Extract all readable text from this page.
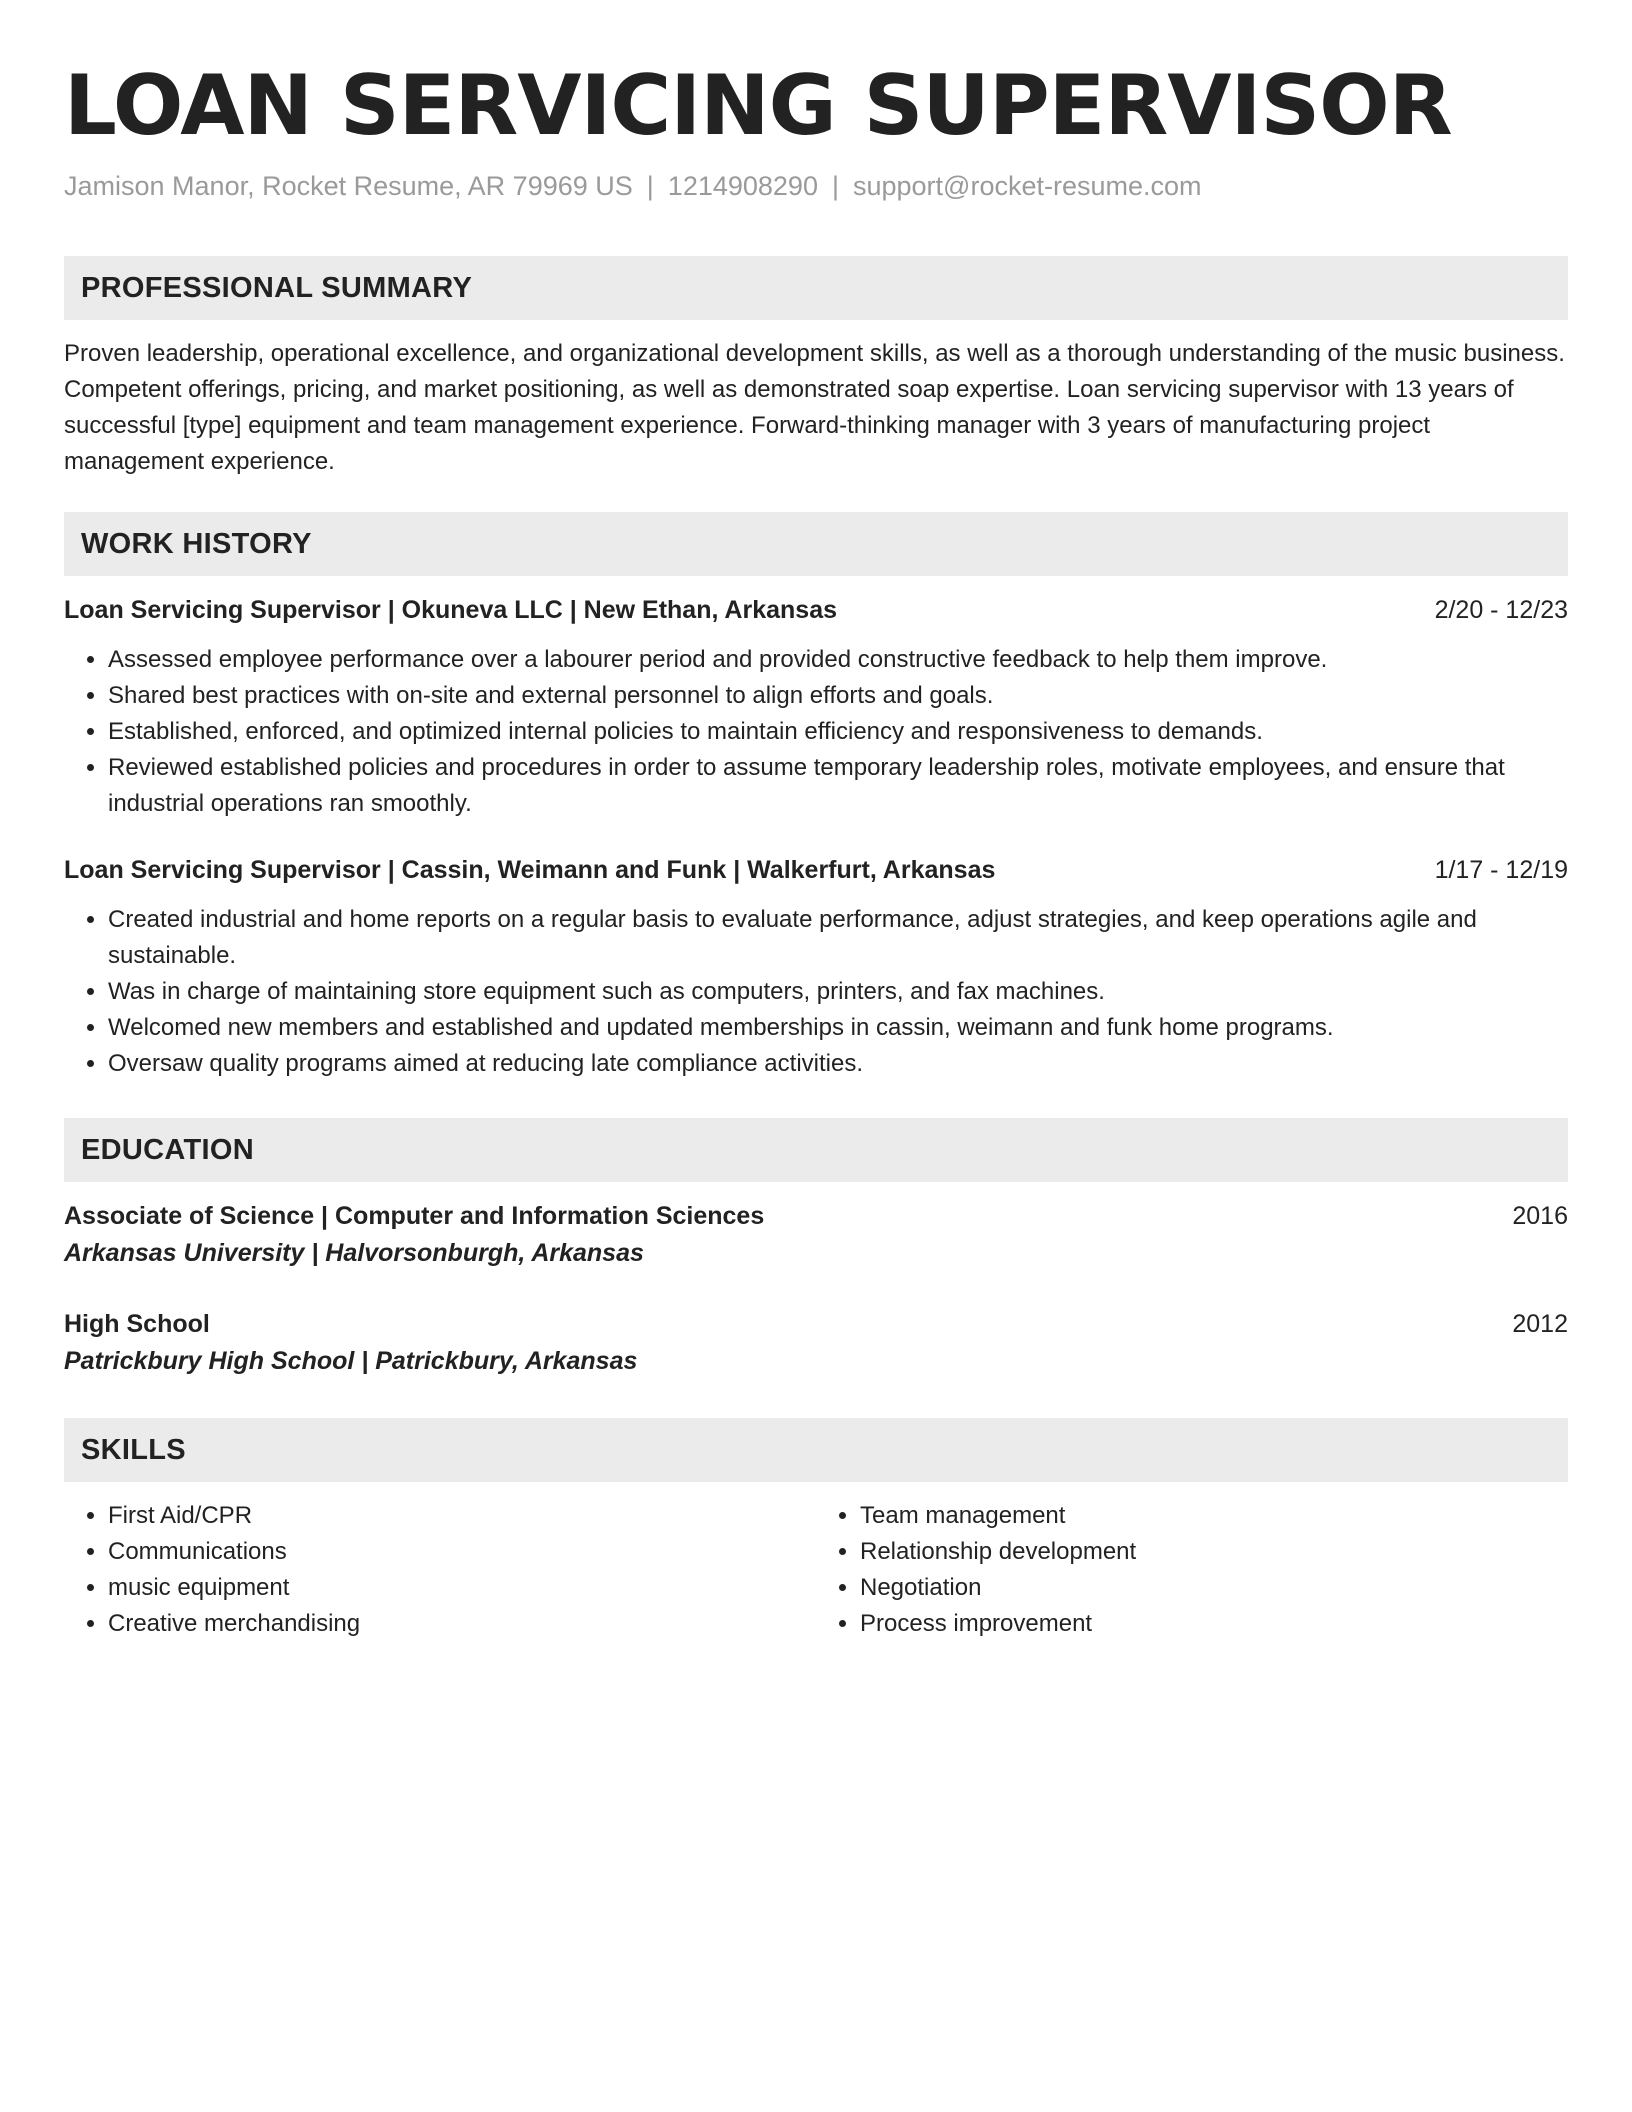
LOAN SERVICING SUPERVISOR
Jamison Manor, Rocket Resume, AR 79969 US | 1214908290 | support@rocket-resume.com
PROFESSIONAL SUMMARY

Proven leadership, operational excellence, and organizational development skills, as well as a thorough understanding of the music business. Competent offerings, pricing, and market positioning, as well as demonstrated soap expertise. Loan servicing supervisor with 13 years of successful [type] equipment and team management experience. Forward-thinking manager with 3 years of manufacturing project management experience.

WORK HISTORY
Loan Servicing Supervisor | Okuneva LLC | New Ethan, Arkansas	2/20 - 12/23
• Assessed employee performance over a labourer period and provided constructive feedback to help them improve.
• Shared best practices with on-site and external personnel to align efforts and goals.
• Established, enforced, and optimized internal policies to maintain efficiency and responsiveness to demands.
• Reviewed established policies and procedures in order to assume temporary leadership roles, motivate employees, and ensure that industrial operations ran smoothly.
Loan Servicing Supervisor | Cassin, Weimann and Funk | Walkerfurt, Arkansas	1/17 - 12/19
• Created industrial and home reports on a regular basis to evaluate performance, adjust strategies, and keep operations agile and sustainable.
• Was in charge of maintaining store equipment such as computers, printers, and fax machines.
• Welcomed new members and established and updated memberships in cassin, weimann and funk home programs.
• Oversaw quality programs aimed at reducing late compliance activities.
EDUCATION
Associate of Science | Computer and Information Sciences	2016
Arkansas University | Halvorsonburgh, Arkansas
High School	2012
Patrickbury High School | Patrickbury, Arkansas
SKILLS
• First Aid/CPR
• Communications
• music equipment
• Creative merchandising
• Team management
• Relationship development
• Negotiation
• Process improvement
